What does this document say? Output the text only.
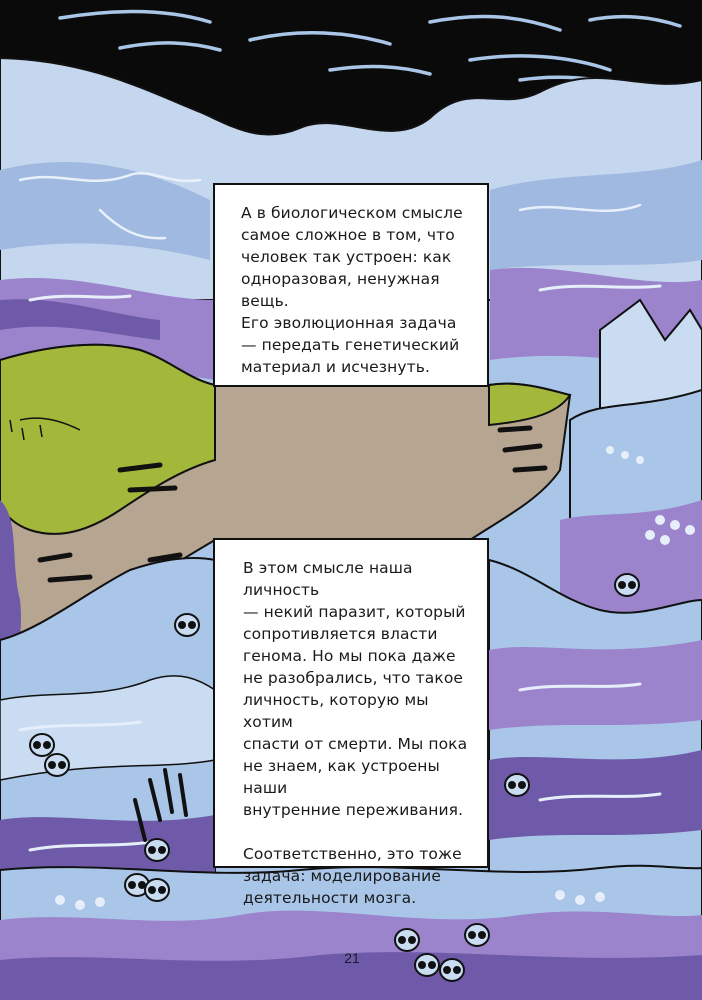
А в биологическом смысле
самое сложное в том, что
человек так устроен: как
одноразовая, ненужная вещь.
Его эволюционная задача
— передать генетический
материал и исчезнуть.

В этом смысле наша личность
— некий паразит, который
сопротивляется власти
генома. Но мы пока даже
не разобрались, что такое
личность, которую мы хотим
спасти от смерти. Мы пока
не знаем, как устроены наши
внутренние переживания.

Соответственно, это тоже
задача: моделирование
деятельности мозга.

21
